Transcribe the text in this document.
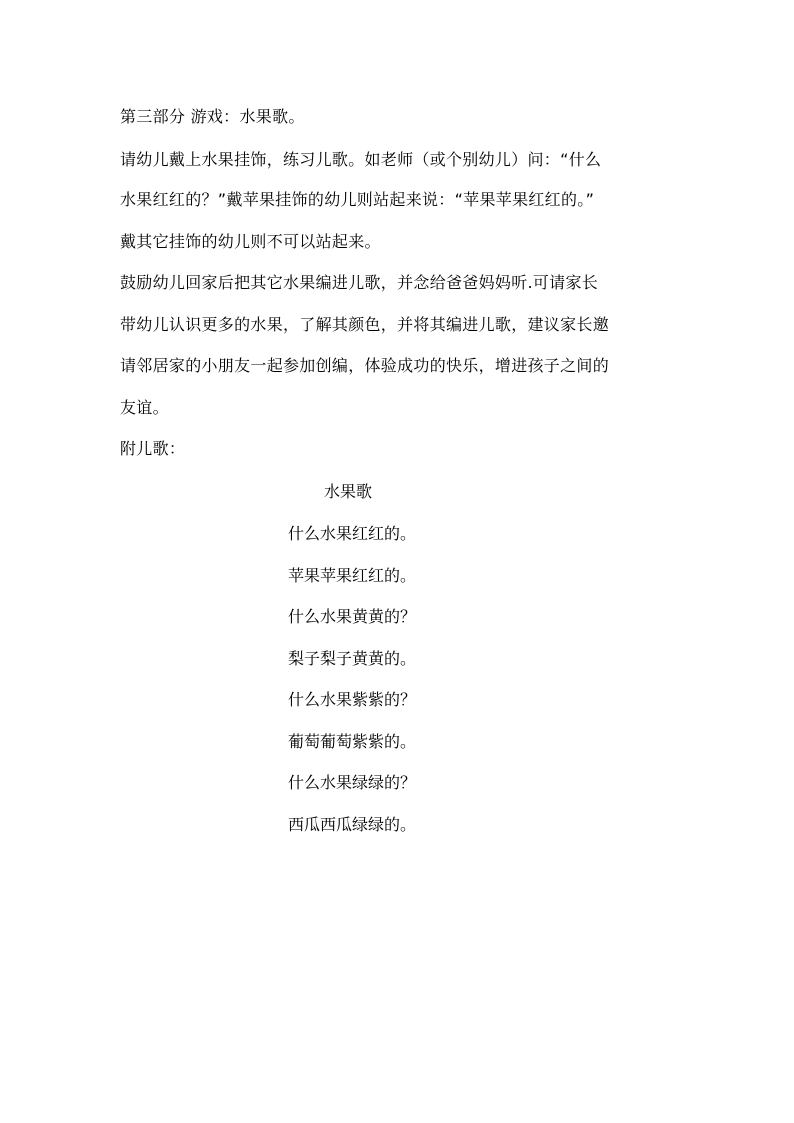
第三部分 游戏：水果歌。
请幼儿戴上水果挂饰，练习儿歌。如老师（或个别幼儿）问：“什么
水果红红的？”戴苹果挂饰的幼儿则站起来说：“苹果苹果红红的。”
戴其它挂饰的幼儿则不可以站起来。
鼓励幼儿回家后把其它水果编进儿歌，并念给爸爸妈妈听.可请家长
带幼儿认识更多的水果，了解其颜色，并将其编进儿歌，建议家长邀
请邻居家的小朋友一起参加创编，体验成功的快乐，增进孩子之间的
友谊。
附儿歌：
水果歌
什么水果红红的。
苹果苹果红红的。
什么水果黄黄的？
梨子梨子黄黄的。
什么水果紫紫的？
葡萄葡萄紫紫的。
什么水果绿绿的？
西瓜西瓜绿绿的。
